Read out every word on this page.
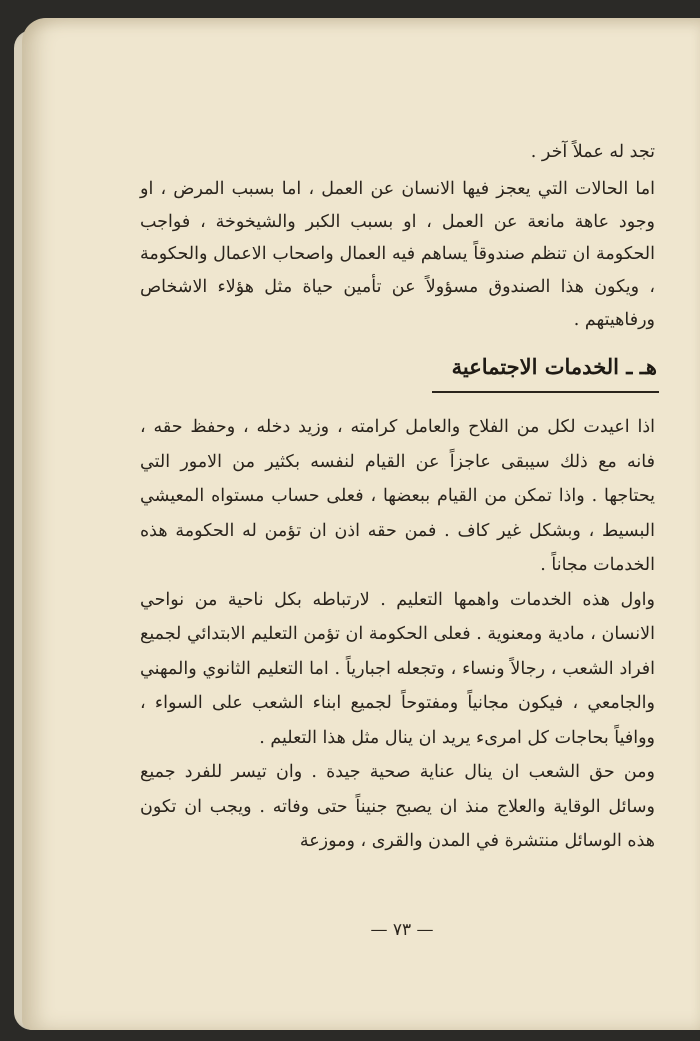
تجد له عملاً آخر .

اما الحالات التي يعجز فيها الانسان عن العمل ، اما بسبب المرض ، او وجود عاهة مانعة عن العمل ، او بسبب الكبر والشيخوخة ، فواجب الحكومة ان تنظم صندوقاً يساهم فيه العمال واصحاب الاعمال والحكومة ، ويكون هذا الصندوق مسؤولاً عن تأمين حياة مثل هؤلاء الاشخاص ورفاهيتهم .

هـ ـ الخدمات الاجتماعية

اذا اعيدت لكل من الفلاح والعامل كرامته ، وزيد دخله ، وحفظ حقه ، فانه مع ذلك سيبقى عاجزاً عن القيام لنفسه بكثير من الامور التي يحتاجها . واذا تمكن من القيام ببعضها ، فعلى حساب مستواه المعيشي البسيط ، وبشكل غير كاف . فمن حقه اذن ان تؤمن له الحكومة هذه الخدمات مجاناً .

واول هذه الخدمات واهمها التعليم . لارتباطه بكل ناحية من نواحي الانسان ، مادية ومعنوية . فعلى الحكومة ان تؤمن التعليم الابتدائي لجميع افراد الشعب ، رجالاً ونساء ، وتجعله اجبارياً . اما التعليم الثانوي والمهني والجامعي ، فيكون مجانياً ومفتوحاً لجميع ابناء الشعب على السواء ، ووافياً بحاجات كل امرىء يريد ان ينال مثل هذا التعليم .

ومن حق الشعب ان ينال عناية صحية جيدة . وان تيسر للفرد جميع وسائل الوقاية والعلاج منذ ان يصبح جنيناً حتى وفاته . ويجب ان تكون هذه الوسائل منتشرة في المدن والقرى ، وموزعة

— ٧٣ —
